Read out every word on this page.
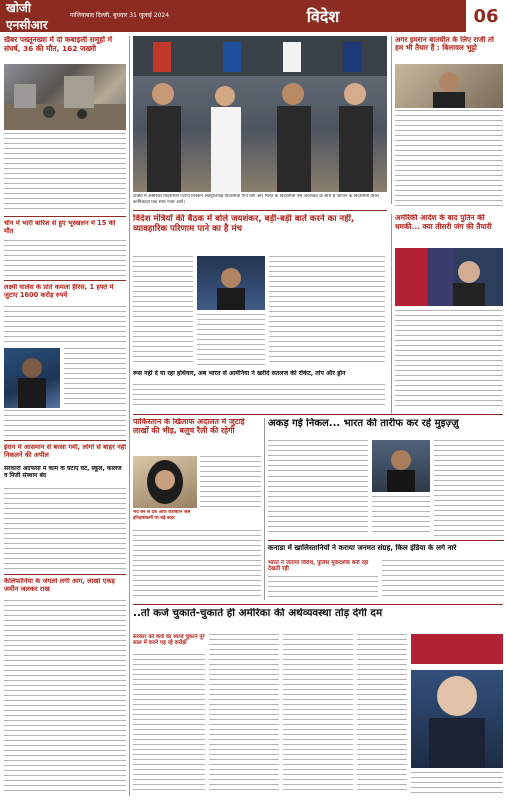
खोजी एनसीआर
गाजियाबाद दिल्ली, बुधवार 31 जुलाई 2024	विदेश	06
खैबर पख्तूनख्वा में दो कबाइली समूहों में संघर्ष, 36 की मौत, 162 जख्मी
चीन में भारी बारिश से हुए भूस्खलन में 15 की मौत
लक्ष्मी वालेस के प्रति कमला हैरिस, 1 हफ्ते में जुटाए 1600 करोड़ रुपये
ईरान में आसमान से बरसा गर्मी, लोगों से बाहर नहीं निकलने की अपील
सरकारी ऑफिसों में काम के घंटाए घटे, स्कूल, कॉलेज व निजी संस्थान बंद
कैलिफोर्निया के जंगलों लगी आग, लाखों एकड़ जमीन जलकर राख
टोक्यो में अमेरिकी विदेशमंत्री एंटोनी ब्लिंकन ऑस्ट्रेलियाई विदेशमंत्री पेनी वोंग और भारत के विदेशमंत्री एस जयशंकर के साथ हैं जापान के विदेशमंत्री योको कामिकावा एक साथ नजर आये।
अगर इमरान बातचीत के लिए राजी तो हम भी तैयार हैं : बिलावल भुट्टो
विदेश मंत्रियों की बैठक में बोले जयशंकर, बड़ी-बड़ी बातें करने का नहीं, व्यावहारिक परिणाम पाने का है मंच
रूस नहीं दे या रहा हथियार, अब भारत से आर्मेनिया ने खरीदे सतलज की रॉकेट, तोप और ड्रोन
अमेरिकी आदेश के बाद पुतिन की धमकी... क्या तीसरी जंग की तैयारी
पाकिस्तान के खिलाफ अदालत में जुटाई लाखों की भीड़, बलूच रैली की रहेगी
भय बने से देश ऑफ कैरेबियन जैसे इतिहासकर्मी पर बढ़े कहर
अकड़ गई निकल... भारत की तारीफ कर रहे मुइज़्ज़ु
कनाडा में खालिस्तानियों ने कराया जनमत संग्रह, किल इंडिया के लगे नारे
भारत ने जताया विरोध, पुलिस मुकदर्शक बनी रहा देखती रही
..तो कर्ज चुकाते-चुकाते ही अमेरिका की अर्थव्यवस्था तोड़ देगी दम
सरकार को कर्ज का ब्याज चुकाने पूरे साल में करने पड़ रहे करोड़ों
